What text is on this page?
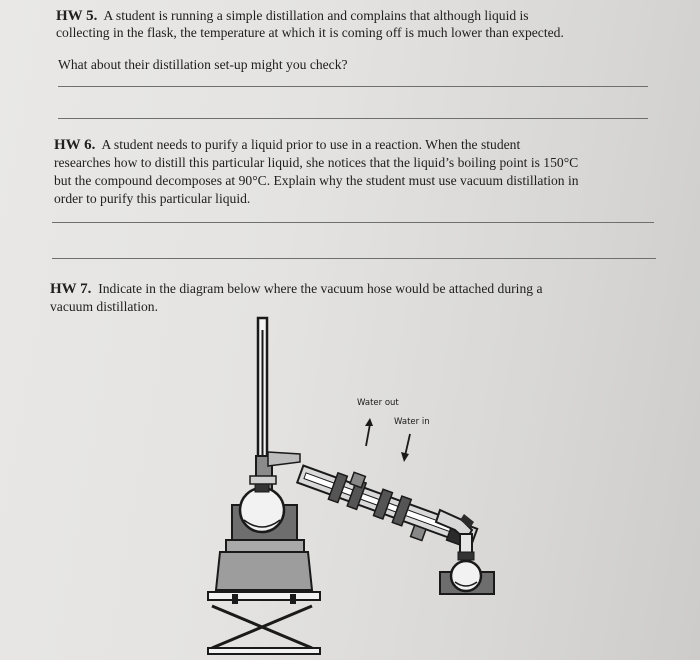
HW 5. A student is running a simple distillation and complains that although liquid is
collecting in the flask, the temperature at which it is coming off is much lower than expected.
What about their distillation set-up might you check?
HW 6. A student needs to purify a liquid prior to use in a reaction. When the student
researches how to distill this particular liquid, she notices that the liquid’s boiling point is 150°C
but the compound decomposes at 90°C. Explain why the student must use vacuum distillation in
order to purify this particular liquid.
HW 7. Indicate in the diagram below where the vacuum hose would be attached during a
vacuum distillation.
Water out
Water in
